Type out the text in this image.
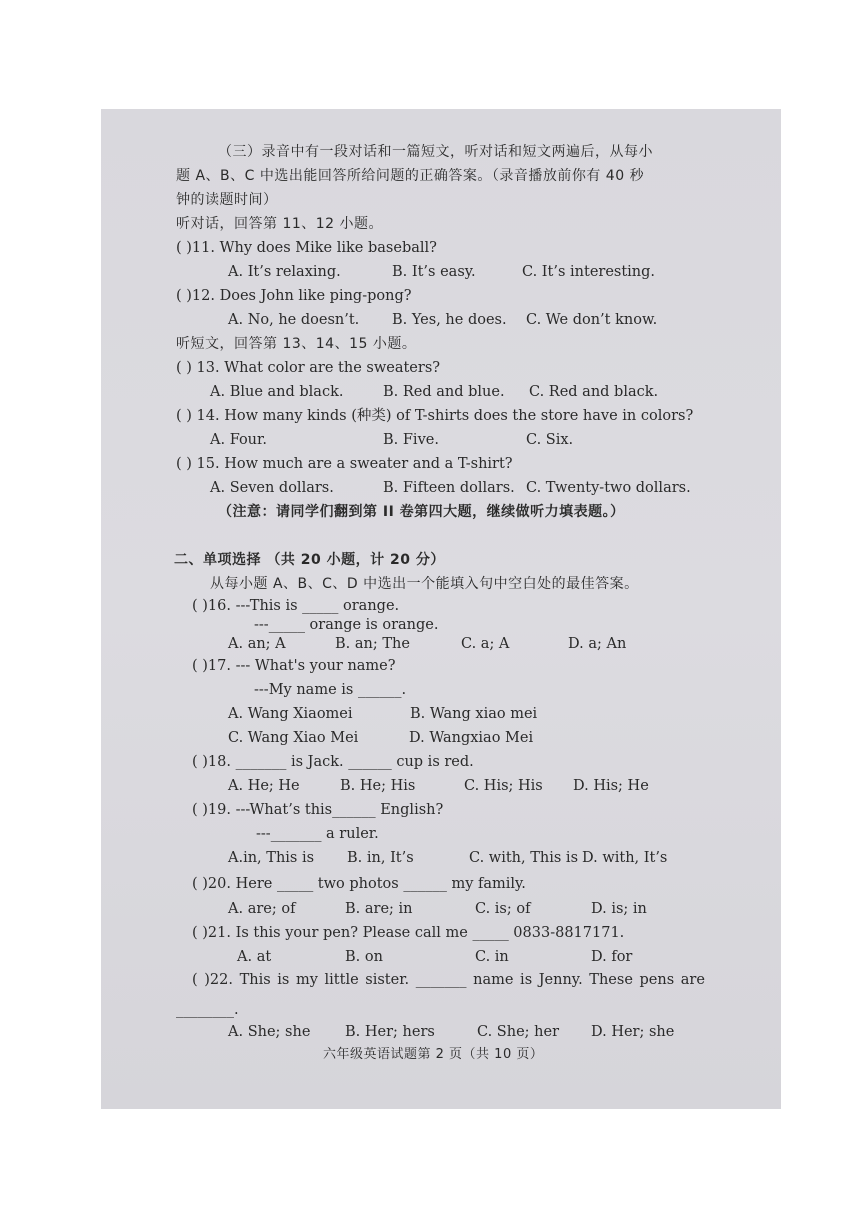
（三）录音中有一段对话和一篇短文，听对话和短文两遍后，从每小
题 A、B、C 中选出能回答所给问题的正确答案。（录音播放前你有 40 秒
钟的读题时间）
听对话，回答第 11、12 小题。
( )11. Why does Mike like baseball?
A. It’s relaxing.	B. It’s easy.	C. It’s interesting.
( )12. Does John like ping-pong?
A. No, he doesn’t. B. Yes, he does. C. We don’t know.
听短文，回答第 13、14、15 小题。
( ) 13. What color are the sweaters?
A. Blue and black.	B. Red and blue. C. Red and black.
( ) 14. How many kinds (种类) of T-shirts does the store have in colors?
A. Four.	B. Five.	C. Six.
( ) 15. How much are a sweater and a T-shirt?
A. Seven dollars.	B. Fifteen dollars. C. Twenty-two dollars.
（注意：请同学们翻到第 II 卷第四大题，继续做听力填表题。）
二、单项选择 （共 20 小题，计 20 分）
从每小题 A、B、C、D 中选出一个能填入句中空白处的最佳答案。
( )16. ---This is _____ orange.
---_____ orange is orange.
A. an; A	B. an; The	C. a; A	D. a; An
( )17. --- What's your name?
---My name is ______.
A. Wang Xiaomei	B. Wang xiao mei
C. Wang Xiao Mei	D. Wangxiao Mei
( )18. _______ is Jack. ______ cup is red.
A. He; He	B. He; His	C. His; His D. His; He
( )19. ---What’s this______ English?
---_______ a ruler.
A.in, This is B. in, It’s	C. with, This is D. with, It’s
( )20. Here _____ two photos ______ my family.
A. are; of	B. are; in	C. is; of	D. is; in
( )21. Is this your pen? Please call me _____ 0833-8817171.
A. at	B. on	C. in	D. for
( )22. This is my little sister. _______ name is Jenny. These pens are
________.
A. She; she B. Her; hers	C. She; her D. Her; she
六年级英语试题第 2 页（共 10 页）
